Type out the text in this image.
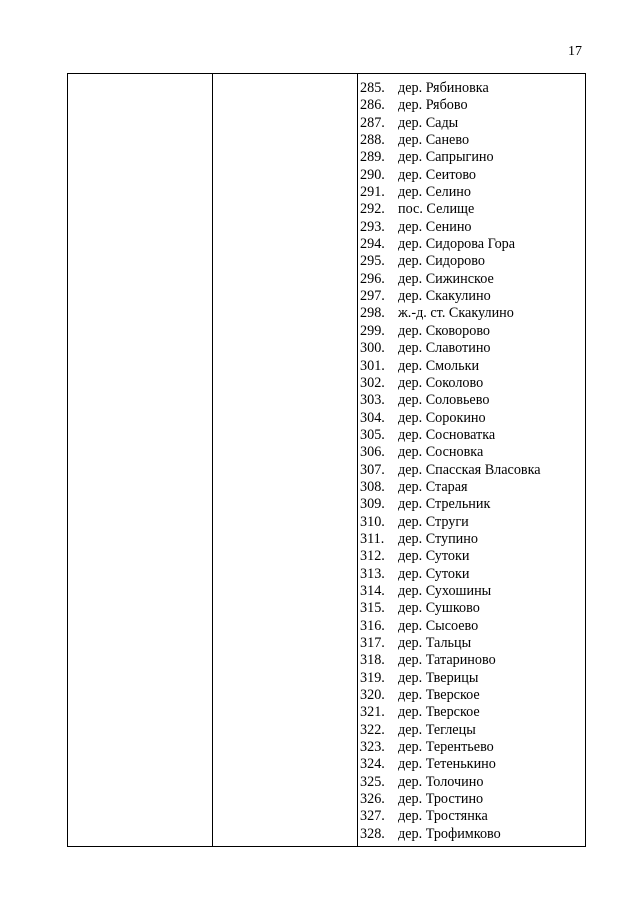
17
285. дер. Рябиновка
286. дер. Рябово
287. дер. Сады
288. дер. Санево
289. дер. Сапрыгино
290. дер. Сеитово
291. дер. Селино
292. пос. Селище
293. дер. Сенино
294. дер. Сидорова Гора
295. дер. Сидорово
296. дер. Сижинское
297. дер. Скакулино
298. ж.-д. ст. Скакулино
299. дер. Сковорово
300. дер. Славотино
301. дер. Смольки
302. дер. Соколово
303. дер. Соловьево
304. дер. Сорокино
305. дер. Сосноватка
306. дер. Сосновка
307. дер. Спасская Власовка
308. дер. Старая
309. дер. Стрельник
310. дер. Струги
311. дер. Ступино
312. дер. Сутоки
313. дер. Сутоки
314. дер. Сухошины
315. дер. Сушково
316. дер. Сысоево
317. дер. Тальцы
318. дер. Татариново
319. дер. Тверицы
320. дер. Тверское
321. дер. Тверское
322. дер. Теглецы
323. дер. Терентьево
324. дер. Тетенькино
325. дер. Толочино
326. дер. Тростино
327. дер. Тростянка
328. дер. Трофимково
